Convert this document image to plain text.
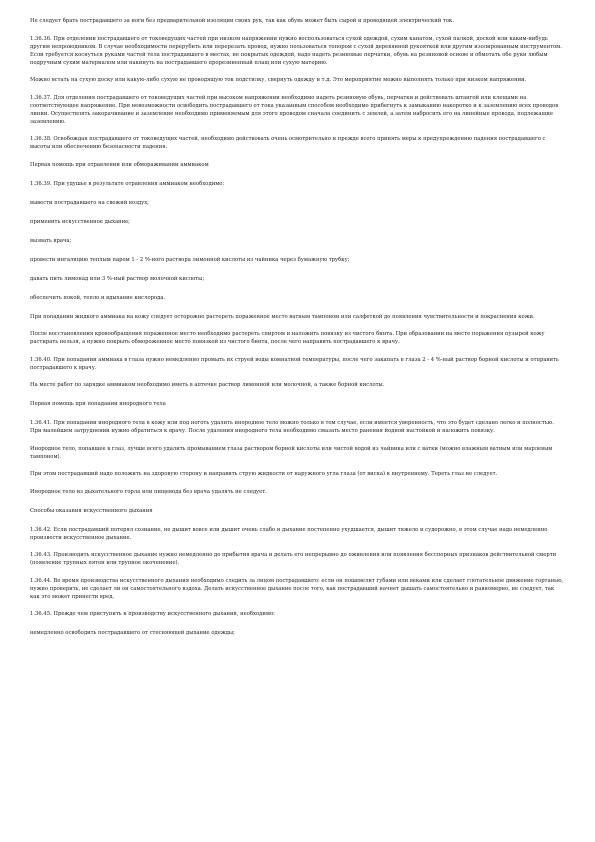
Не следует брать пострадавшего за ноги без предварительной изоляции своих рук, так как обувь может быть сырой и проводящей электрический ток.

1.36.36. При отделении пострадавшего от токоведущих частей при низком напряжении нужно воспользоваться сухой одеждой, сухим канатом, сухой палкой, доской или каким-нибудь другим непроводником. В случае необходимости перерубить или перерезать провод, нужно пользоваться топором с сухой деревянной рукояткой или другим изолированным инструментом. Если требуется коснуться руками частей тела пострадавшего в местах, не покрытых одеждой, надо надеть резиновые перчатки, обувь на резиновой основе и обмотать обе руки любым подручным сухим материалом или накинуть на пострадавшего прорезиненный плащ или сухую материю.

Можно встать на сухую доску или какую-либо сухую не проводящую ток подстилку, свернуть одежду и т.д. Это мероприятие можно выполнять только при низком напряжении.

1.36.37. Для отделения пострадавшего от токоведущих частей при высоком напряжении необходимо надеть резиновую обувь, перчатки и действовать штангой или клещами на соответствующее напряжение. При невозможности освободить пострадавшего от тока указанным способом необходимо прибегнуть к замыканию накоротко и к заземлению всех проводов линии. Осуществлять закорачивание и заземление необходимо применяемым для этого проводом сначала соединить с землей, а затем набросить его на линейные провода, подлежащие заземлению.

1.36.38. Освобождая пострадавшего от токоведущих частей, необходимо действовать очень осмотрительно и прежде всего принять меры к предупреждению падения пострадавшего с высоты или обеспечению безопасности падения.

Первая помощь при отравлении или обмораживании аммиаком

1.36.39. При удушье в результате отравления аммиаком необходимо:

вывести пострадавшего на свежий воздух;

применить искусственное дыхание;

вызвать врача;

провести ингаляцию теплым паром 1 - 2 %-ного раствора лимонной кислоты из чайника через бумажную трубку;

давать пить лимонад или 3 %-ный раствор молочной кислоты;

обеспечить покой, тепло и вдыхание кислорода.

При попадании жидкого аммиака на кожу следует осторожно растереть пораженное место ватным тампоном или салфеткой до появления чувствительности и покраснения кожи.

После восстановления кровообращения пораженное место необходимо растереть спиртом и наложить повязку из чистого бинта. При образовании на месте поражения пузырей кожу растирать нельзя, а нужно покрыть обмороженное место повязкой из чистого бинта, после чего направить пострадавшего к врачу.

1.36.40. При попадании аммиака в глаза нужно немедленно промыть их струей воды комнатной температуры, после чего закапать в глаза 2 - 4 %-ный раствор борной кислоты и отправить пострадавшего к врачу.

На месте работ по зарядке аммиаком необходимо иметь в аптечке раствор лимонной или молочной, а также борной кислоты.

Первая помощь при попадании инородного тела

1.36.41. При попадании инородного тела в кожу или под ноготь удалить инородное тело можно только в том случае, если имеется уверенность, что это будет сделано легко и полностью. При малейшем затруднении нужно обратиться к врачу. После удаления инородного тела необходимо смазать место ранения йодной настойкой и наложить повязку.

Инородное тело, попавшее в глаз, лучше всего удалить промыванием глаза раствором борной кислоты или чистой водой из чайника или с ватки (можно влажным ватным или марлевым тампоном).

При этом пострадавший надо положить на здоровую сторону и направить струю жидкости от наружного угла глаза (от виска) к внутреннему. Тереть глаз не следует.

Инородное тело из дыхательного горла или пищевода без врача удалять не следует.

Способы оказания искусственного дыхания

1.36.42. Если пострадавший потерял сознание, не дышит вовсе или дышит очень слабо и дыхание постепенно ухудшается, дышит тяжело и судорожно, в этом случае надо немедленно произвести искусственное дыхание.

1.36.43. Производить искусственное дыхание нужно немедленно до прибытия врача и делать его непрерывно до оживления или появления бесспорных признаков действительной смерти (появление трупных пятен или трупное окоченение).

1.36.44. Во время производства искусственного дыхания необходимо следить за лицом пострадавшего: если он пошевелит губами или веками или сделает глотательное движение гортанью, нужно проверить, не сделает ли он самостоятельного вздоха. Делать искусственное дыхание после того, как пострадавший начнет дышать самостоятельно и равномерно, не следует, так как это может принести вред.

1.36.45. Прежде чем приступить к производству искусственного дыхания, необходимо:

немедленно освободить пострадавшего от стесняющей дыхание одежды;
